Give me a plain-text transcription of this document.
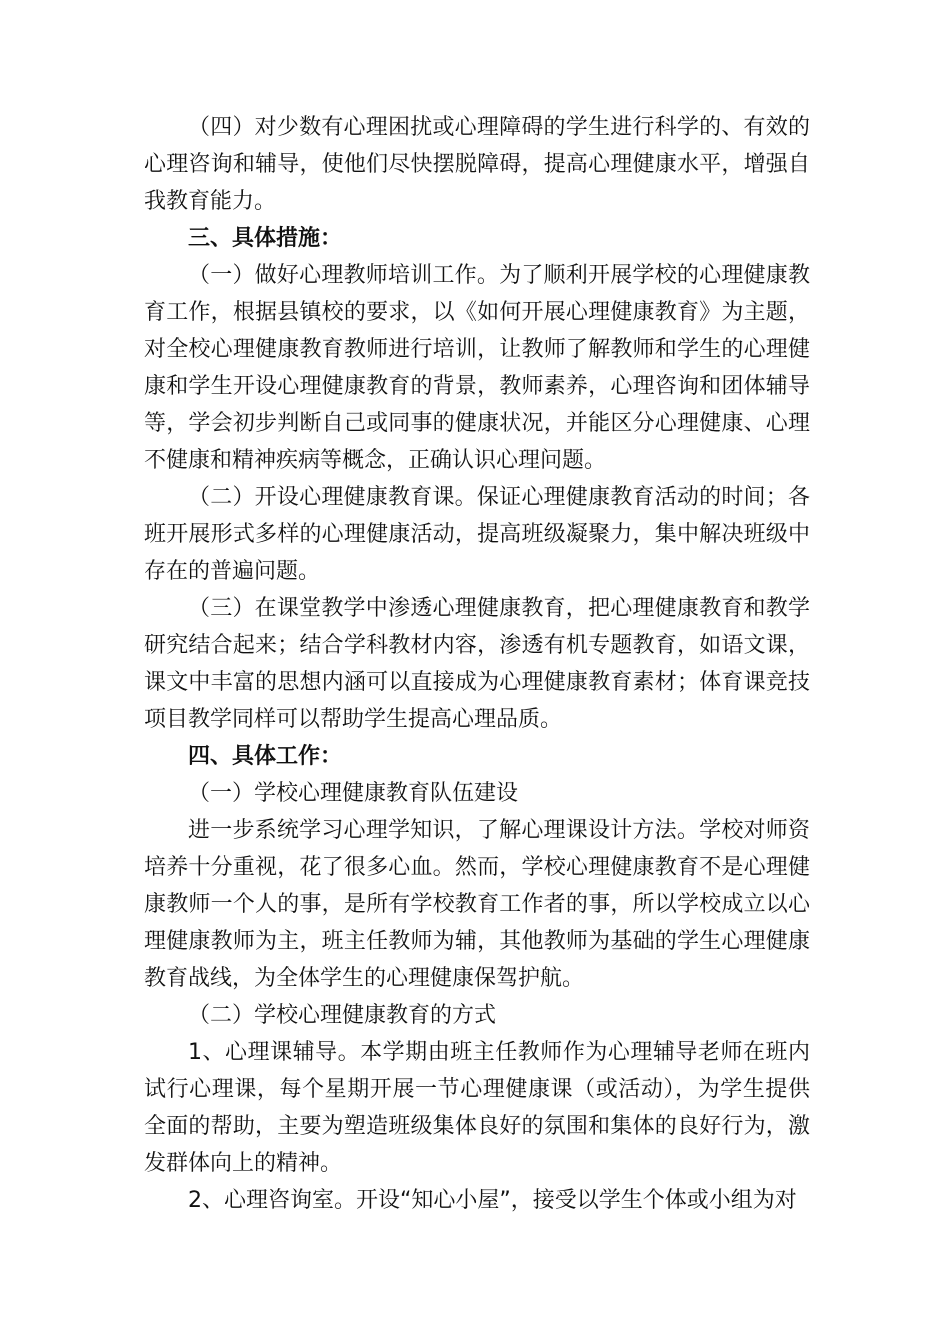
（四）对少数有心理困扰或心理障碍的学生进行科学的、有效的心理咨询和辅导，使他们尽快摆脱障碍，提高心理健康水平，增强自我教育能力。

三、具体措施：

（一）做好心理教师培训工作。为了顺利开展学校的心理健康教育工作，根据县镇校的要求，以《如何开展心理健康教育》为主题，对全校心理健康教育教师进行培训，让教师了解教师和学生的心理健康和学生开设心理健康教育的背景，教师素养，心理咨询和团体辅导等，学会初步判断自己或同事的健康状况，并能区分心理健康、心理不健康和精神疾病等概念，正确认识心理问题。

（二）开设心理健康教育课。保证心理健康教育活动的时间；各班开展形式多样的心理健康活动，提高班级凝聚力，集中解决班级中存在的普遍问题。

（三）在课堂教学中渗透心理健康教育，把心理健康教育和教学研究结合起来；结合学科教材内容，渗透有机专题教育，如语文课，课文中丰富的思想内涵可以直接成为心理健康教育素材；体育课竞技项目教学同样可以帮助学生提高心理品质。

四、具体工作：

（一）学校心理健康教育队伍建设

进一步系统学习心理学知识，了解心理课设计方法。学校对师资培养十分重视，花了很多心血。然而，学校心理健康教育不是心理健康教师一个人的事，是所有学校教育工作者的事，所以学校成立以心理健康教师为主，班主任教师为辅，其他教师为基础的学生心理健康教育战线，为全体学生的心理健康保驾护航。

（二）学校心理健康教育的方式

1、心理课辅导。本学期由班主任教师作为心理辅导老师在班内试行心理课，每个星期开展一节心理健康课（或活动），为学生提供全面的帮助，主要为塑造班级集体良好的氛围和集体的良好行为，激发群体向上的精神。

2、心理咨询室。开设“知心小屋”，接受以学生个体或小组为对
